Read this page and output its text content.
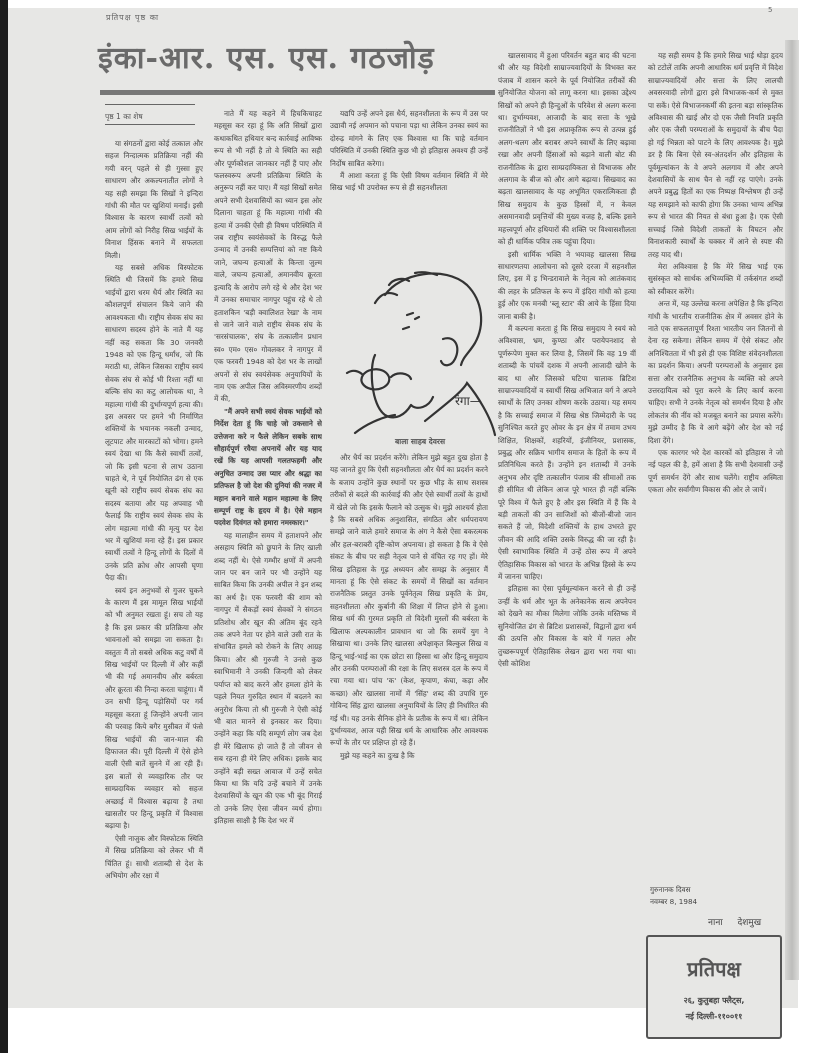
प्रतिपक्ष पृष्ठ का
5
इंका-आर. एस. एस. गठजोड़
पृष्ठ 1 का शेष

या संगठनों द्वारा कोई तत्काल और सहज निन्दात्मक प्रतिक्रिया नहीं की गयी वरन् पहले से ही गुस्सा हुए साधारण और अकल्पनातीत लोगों ने यह सही समझा कि सिखों ने इन्दिरा गांधी की मौत पर खुशियां मनाईं। इसी विश्वास के कारण स्वार्थी तत्वों को आम लोगों को निरीह सिख भाईयों के विनाश हिंसक बनाने में सफलता मिली।

यह सबसे अधिक विस्फोटक स्थिति थी जिसमें कि हमारे सिख भाईयों द्वारा धरम धैर्य और स्थिति का कौशलपूर्ण संचालन किये जाने की आवश्यकता थी। राष्ट्रीय सेवक संघ का साधारण सदस्य होने के नाते मैं यह नहीं कह सकता कि 30 जनवरी 1948 को एक हिन्दू धर्मांध, जो कि मराठी था, लेकिन जिसका राष्ट्रीय स्वयं सेवक संघ से कोई भी रिश्ता नहीं था बल्कि संघ का कटु आलोचक था, ने महात्मा गांधी की दुर्भाग्यपूर्ण हत्या की। इस अवसर पर हमने भी निर्माणित शक्तियों के भयानक नकली उन्माद, लूटपाट और मारकाटों को भोगा। हमने स्वयं देखा था कि कैसे स्वार्थी तत्वों, जो कि इसी घटना से लाभ उठाना चाहते थे, ने पूर्व नियोजित ढंग से एक खूनी को राष्ट्रीय स्वयं सेवक संघ का सदस्य बताया और यह अपवाह भी फैलाई कि राष्ट्रीय स्वयं सेवक संघ के लोग महात्मा गांधी की मृत्यु पर देश भर में खुशियां मना रहे हैं। इस प्रकार स्वार्थी तत्वों ने हिन्दू लोगों के दिलों में उनके प्रति क्रोध और आपसी घृणा पैदा की।

स्वयं इन अनुभवों से गुजर चुकने के कारण मैं इस मामूल सिख भाईयों को भी अनुमत रखता हूं। सच तो यह है कि इस प्रकार की प्रतिक्रिया और भावनाओं को समझा जा सकता है। वस्तुतः मैं तो सबसे अधिक कटु वर्षों में सिख भाईयों पर दिल्ली में और कहीं भी की गई अमानवीय और बर्बरता और क्रूरता की निन्दा करता चाहूंगा। मैं उन सभी हिन्दू पड़ोसियों पर गर्व महसूस करता हूं जिन्होंने अपनी जान की परवाह किये बगैर मुसीबत में फंसे सिख भाईयों की जान-माल की हिफाजत की। पूरी दिल्ली में ऐसे होने वाली ऐसी बातें सुनने में आ रही हैं। इस बातों से व्यवहारिक तौर पर साम्प्रदायिक व्यवहार को सहज अच्छाई में विश्वास बढ़ाया है तथा खासतौर पर हिन्दू प्रकृति में विश्वास बढ़ाया है।

ऐसी नाजुक और विस्फोटक स्थिति में सिख प्रतिक्रिया को लेकर भी मैं चिंतित हूं। साधी शताब्दी से देश के अभियोग और रक्षा में

नाते मैं यह कहने में हिचकिचाहट महसूस कर रहा हूं कि अति सिखों द्वारा कथाकथित हथियार बन्द कार्रवाई आविष्क रूप से भी नहीं है तो वे स्थिति का सही और पूर्णकौशल जानकार नहीं हैं पाए और फलस्वरूप अपनी प्रतिक्रिया स्थिति के अनुरूप नहीं कर पाए। मैं यहां सिखों समेत अपने सभी देशवासियों का ध्यान इस ओर दिलाना चाहता हूं कि महात्मा गांधी की हत्या में उनकी ऐसी ही विषम परिस्थिति में जब राष्ट्रीय स्वयंसेवकों के विरुद्ध फैले उन्माद में उनकी सम्पत्तियां को नष्ट किये जाने, जघन्य हत्याओं के किन्ता जुल्म वाले, जघन्य हत्याओं, अमानवीय क्रूरता इत्यादि के आरोप लगे रहे थे और देश भर में उनका समाचार नागपुर पहुंच रहे थे तो हताशकिन 'बड़ी क्वालिशत रेखा' के नाम से जाने जाने वाले राष्ट्रीय सेवक संघ के 'सरसंचालक', संघ के तत्कालीन प्रधान स्व० एम० एस० गोवलकर ने नागपुर में एक फरवरी 1948 को देश भर के लाखों अपनों से संघ स्वयंसेवक अनुयायियों के नाम एक अपील जिस अविस्मरणीय शब्दों में की,

"मैं अपने सभी स्वयं सेवक भाईयों को निर्देश देता हूं कि चाहे जो उकसाने से उत्तेजना करे न फैले लेकिन सबके साथ सौहार्दपूर्ण रवैया अपनायें और यह याद रखें कि यह आपसी गलतफहमी और अनुचित उन्माद उस प्यार और श्रद्धा का प्रतिफल है जो देश की दुनियां की नजर में महान बनाने वाले महान महात्मा के लिए सम्पूर्ण राष्ट्र के हृदय में है। ऐसे महान पदवेश दिवंगत को हमारा नमस्कार।"

यह मालाहीन समय में हताशपने और असहाय स्थिति को छुपाने के लिए खाली शब्द नहीं थे। ऐसे गम्भीर क्षणों में अपनी जान पर बन जाने पर भी उन्होंने यह साबित किया कि उनकी अपील ने इन शब्द का अर्थ है। एक फरवरी की शाम को नागपुर में सैकड़ों स्वयं सेवकों ने संगठन प्रतिशोध और खून की अंतिम बूंद रहने तक अपने नेता पर होने वाले उसी रात के संभावित हमले को रोकने के लिए आग्रह किया। और श्री गुरुजी ने उनसे कुछ स्वाभिमानी ने उनकी जिन्दगी को लेकर पर्याप्त को बाद करने और हमला होने के पहले नियत गुरुदित स्थान में बदलने का अनुरोध किया तो श्री गुरुजी ने ऐसी कोई भी बात मानने से इनकार कर दिया। उन्होंने कहा कि यदि सम्पूर्ण लोग जब देश ही मेरे खिलाफ हो जाते हैं तो जीवन से सब रहना ही मेरे लिए अधिक। इसके बाद उन्होंने बड़ी सख्त आवाज में उन्हें सचेत किया था कि यदि उन्हें बचाने में उनके देशवासियों के खून की एक भी बूंद गिराई तो उनके लिए ऐसा जीवन व्यर्थ होगा। इतिहास साक्षी है कि देश भर में

यद्यपि उन्हें अपने इस धैर्य, सहनशीलता के रूप में उस पर उद्यावी नई अपमान को पचाना पड़ा था लेकिन उनका स्वयं का दोरुढ़ मांगने के लिए एक विश्वास था कि चाहे वर्तमान परिस्थिति में उनकी स्थिति कुछ भी हो इतिहास अवश्य ही उन्हें निर्दोष साबित करेगा।

मैं आशा करता हूं कि ऐसी विषम वर्तमान स्थिति में मेरे सिख भाई भी उपरोक्त रूप से ही सहनशीलता

रंगा—
बाला साहब देवरस

और धैर्य का प्रदर्शन करेंगे। लेकिन मुझे बहुत दुख होता है यह जानते हुए कि ऐसी सहनशीलता और धैर्य का प्रदर्शन करने के बजाय उन्होंने कुछ स्थानों पर कुछ भीड़ के साथ सशस्त्र तरीकों से बदले की कार्रवाई की और ऐसे स्वार्थी तत्वों के हाथों में खेले जो कि इसके फैलाने को उत्सुक थे। मुझे आश्चर्य होता है कि सबसे अधिक अनुशासित, संगठित और धर्मपरायण समझे जाने वाले हमारे समाज के अंग ने कैसे ऐसा बकरत्मक और हल-बराबरी दृष्टि-कोण अपनाया। हो सकता है कि वे ऐसे संकट के बीच पर सही नेतृत्व पाने से वंचित रह गए हों। मेरे सिख इतिहास के गूढ़ अध्ययन और समझ के अनुसार मैं मानता हूं कि ऐसे संकट के समयों में सिखों का वर्तमान राजनैतिक प्रस्तुत उनके पूर्वनेतृत्व सिख प्रकृति के प्रेम, सहनशीलता और कुर्बानी की शिक्षा में लिप्त होने से हुआ। सिख धर्म की गुरमत प्रकृति तो विदेशी मुस्लों की बर्बरता के खिलाफ अल्पकालीन प्रावधान था जो कि समयें युग ने सिखाया था। उनके लिए खालसा अपेक्षाकृत बिल्कुल सिख व हिन्दू भाई-भाई का एक छोटा सा हिस्सा था और हिन्दू समुदाय और उनकी परम्पराओं की रक्षा के लिए सशस्त्र दल के रूप में रचा गया था। पांच 'क' (केश, कृपाण, कंघा, कड़ा और कच्छा) और खालसा नामों में 'सिंह' शब्द की उपाधि गुरु गोविन्द सिंह द्वारा खालसा अनुयायियों के लिए ही निर्धारित की गई थी। यह उनके सैनिक होने के प्रतीक के रूप में था। लेकिन दुर्भाग्यवश, आज यही सिख धर्म के आधारिक और आवश्यक रूपों के तौर पर प्रक्षिप्त हो रहे हैं।

मुझे यह कहने का दुःख है कि

खालसावाद में हुआ परिवर्तन बहुत बाद की घटना थी और यह विदेशी साम्राज्यवादियों के विभक्त कर पंजाब में शासन करने के पूर्व नियोजित तरीकों की सुनियोजित योजना को लागू करना था। इसका उद्देश्य सिखों को अपने ही हिन्दुओं के परिवेश से अलग करना था। दुर्भाग्यवश, आजादी के बाद सत्ता के भूखे राजनीतिज्ञों ने भी इस अप्राकृतिक रूप से उत्पन्न हुई अलग-थलग और बराबर अपने स्वार्थों के लिए बढ़ावा रखा और अपनी हिंसाओं को बढ़ाने वाली बोट की राजनीतिक के द्वारा साम्प्रदायिकता से विभाजक और अलगाव के बीज को और आगे बढ़ाया। सिखवाद का बढ़ता खालसावाद के यह अभूमित एकरात्मिकता ही सिख समुदाय के कुछ हिस्सों में, न केवल असमानवादी प्रवृत्तियों की मुख्य वजह है, बल्कि इसने महत्त्वपूर्ण और हथियारों की शक्ति पर विश्वासशीलता को ही धार्मिक पवित्र तक पहुंचा दिया।

इसी धार्मिक भक्ति ने भयावह खालसा सिख साधारणतया आलोचना को दूसरे दरजा में सहनशील लिए, इस में इ भिन्डरावाले के नेतृत्व को आतंकवाद की लहर के प्रतिफल के रूप में इंदिरा गांधी को हत्या हुई और एक मनबी 'ब्लू स्टार' की आये के हिंसा दिया जाना बाकी है।

मैं कल्पना करता हूं कि सिख समुदाय ने स्वयं को अविश्वास, भ्रम, कुण्ठा और परायेपनशाद से पूर्णरूपेण मुक्त कर लिया है, जिसमें कि वह 19 वीं शताब्दी के पांचवें दशक में अपनी आजादी खोने के बाद था और जिसको घटिया चालाक ब्रिटिश साम्राज्यवादियों व स्वार्थी सिख अभिजात वर्ग ने अपने स्वार्थों के लिए उनका शोषण करके उठाया। यह समय है कि सच्चाई समाज में सिख श्रेष्ठ जिम्मेदारी के पद सुनिश्चित करते हुए ओवर के इन क्षेत्र में तमाम उभय शिक्षित, शिक्षकों, शहरियों, इंजीनियर, प्रशासक, प्रबुद्ध और सक्रिय भागीय समाज के हितों के रूप में प्रतिनिधित्व करते हैं। उन्होंने इन शताब्दी में उनके अनुभव और दृष्टि तत्कालीन पंजाब की सीमाओं तक ही सीमित थी लेकिन आज पूरे भारत ही नहीं बल्कि पूरे विश्व में फैले हुए है और इस स्थिति में हैं कि वे बड़ी ताकतों की उन साजिशों को बीजों-बीजो जान सकते हैं जो, विदेशी शक्तियों के हाथ उभरते हुए जीवन की आदि शक्ति उसके विरुद्ध की जा रही है। ऐसी स्वाभाविक स्थिति में उन्हें ठोस रूप में अपने ऐतिहासिक विकास को भारत के अभिन्न हिस्से के रूप में जानना चाहिए।

इतिहास का ऐसा पूर्वमूल्यांकन करने से ही उन्हें उन्हीं के धर्म और भूत के अनेकानेक सत्य अपनेपन को देखने का मौका मिलेगा जोकि उनके मस्तिष्क में सुनियोजित ढंग से ब्रिटिश प्रशासकों, विद्वानों द्वारा धर्म की उत्पत्ति और विकास के बारे में गलत और तुच्छरूपपूर्ण ऐतिहासिक लेखन द्वारा भरा गया था। ऐसी कोशिश

यह सही समय है कि हमारे सिख भाई थोड़ा हृदय को टटोलें ताकि अपनी आधारिक धर्म प्रवृत्ति में विदेश साम्राज्यवादियों और सत्ता के लिए लालची अवसरवादी लोगों द्वारा इसे विभाजक-कर्म से मुक्त पा सकें। ऐसे विभाजनकर्मी की इतना बड़ा सांस्कृतिक अविश्वास की खाई और दो एक जैसी नियति प्रकृति और एक जैसी परम्पराओं के समुदायों के बीच पैदा हो गई भिन्नता को पाटने के लिए आवश्यक है। मुझे डर है कि बिना ऐसे स्व-अंतदर्शन और इतिहास के पूर्वमूल्यांकन के वे अपने अलगाव में और अपने देशवासियों के साथ चैन से नहीं रह पाएंगे। उनके अपने प्रबुद्ध हितों का एक निष्पक्ष विश्लेषण ही उन्हें यह समझाने को काफी होगा कि उनका भाग्य अभिन्न रूप से भारत की नियत से बंधा हुआ है। एक ऐसी सच्चाई जिसे विदेशी ताकतों के विघटन और विनाशकारी स्वार्थों के चक्कर में आने से स्पष्ट की तरह याद थी।

मेरा अविश्वास है कि मेरे सिख भाई एक सुसंस्कृत को सार्थक अभिव्यक्ति में तर्कसंगत शब्दों को स्वीकार करेंगे।

अन्त में, यह उल्लेख करना अपेक्षित है कि इन्दिरा गांधी के भारतीय राजनीतिक क्षेत्र में अवसर होने के नाते एक सफलतापूर्ण रिश्ता भारतीय जन जितनों से देना रह सकेगा। लेकिन समय में ऐसे संकट और अनिश्चितता में भी इसे ही एक विशिष्ट संवेदनशीलता का प्रदर्शन किया। अपनी परम्पराओं के अनुसार इस सत्ता और राजनैतिक अनुभव के व्यक्ति को अपने उत्तरदायित्व को पूरा करने के लिए कार्य करना चाहिए। सभी ने उनके नेतृत्व को समर्थन दिया है और लोकतंत्र की नींव को मजबूत बनाने का प्रयास करेंगे। मुझे उम्मीद है कि वे आगे बढ़ेंगे और देश को नई दिशा देंगे।

एक कारगर भरे देश कारकों को इतिहास ने जो नई पहल की है, हमें आशा है कि सभी देशवासी उन्हें पूर्ण समर्थन देंगे और साथ चलेंगे। राष्ट्रीय अस्मिता एकता और सर्वांगीण विकास की ओर ले जायें।

गुरुनानक दिवस
नवम्बर 8, 1984
नाना देशमुख
प्रतिपक्ष
२६, कुतुबहा फ्लैट्स,
नई दिल्ली-११००११
